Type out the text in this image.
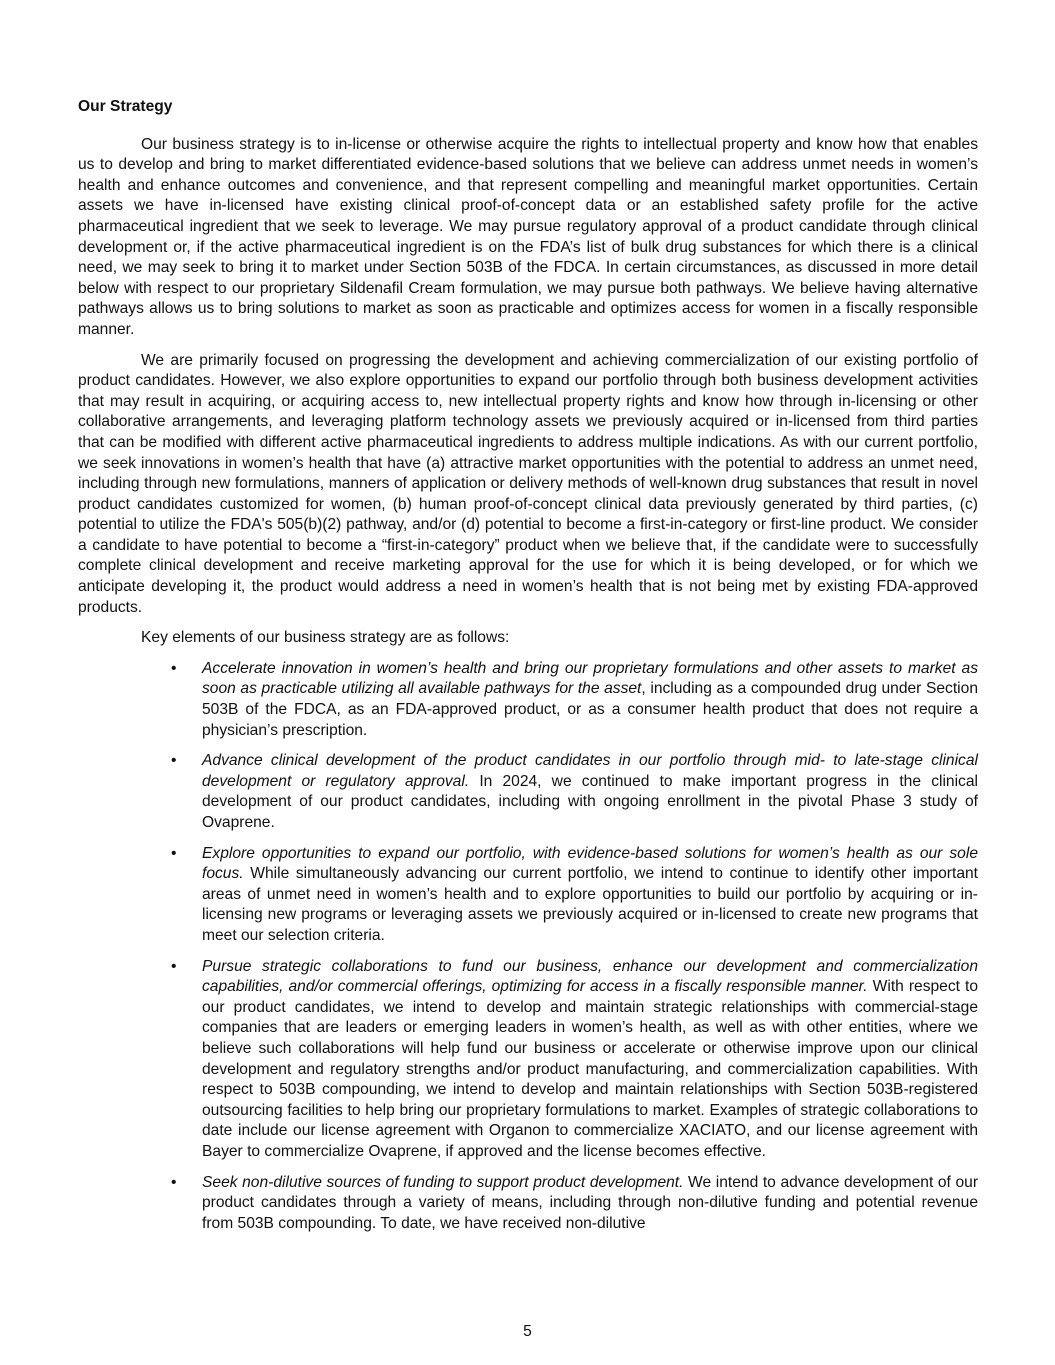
Our Strategy

Our business strategy is to in-license or otherwise acquire the rights to intellectual property and know how that enables us to develop and bring to market differentiated evidence-based solutions that we believe can address unmet needs in women’s health and enhance outcomes and convenience, and that represent compelling and meaningful market opportunities. Certain assets we have in-licensed have existing clinical proof-of-concept data or an established safety profile for the active pharmaceutical ingredient that we seek to leverage. We may pursue regulatory approval of a product candidate through clinical development or, if the active pharmaceutical ingredient is on the FDA’s list of bulk drug substances for which there is a clinical need, we may seek to bring it to market under Section 503B of the FDCA. In certain circumstances, as discussed in more detail below with respect to our proprietary Sildenafil Cream formulation, we may pursue both pathways. We believe having alternative pathways allows us to bring solutions to market as soon as practicable and optimizes access for women in a fiscally responsible manner.

We are primarily focused on progressing the development and achieving commercialization of our existing portfolio of product candidates. However, we also explore opportunities to expand our portfolio through both business development activities that may result in acquiring, or acquiring access to, new intellectual property rights and know how through in-licensing or other collaborative arrangements, and leveraging platform technology assets we previously acquired or in-licensed from third parties that can be modified with different active pharmaceutical ingredients to address multiple indications. As with our current portfolio, we seek innovations in women’s health that have (a) attractive market opportunities with the potential to address an unmet need, including through new formulations, manners of application or delivery methods of well-known drug substances that result in novel product candidates customized for women, (b) human proof-of-concept clinical data previously generated by third parties, (c) potential to utilize the FDA's 505(b)(2) pathway, and/or (d) potential to become a first-in-category or first-line product. We consider a candidate to have potential to become a “first-in-category” product when we believe that, if the candidate were to successfully complete clinical development and receive marketing approval for the use for which it is being developed, or for which we anticipate developing it, the product would address a need in women’s health that is not being met by existing FDA-approved products.

Key elements of our business strategy are as follows:

• Accelerate innovation in women’s health and bring our proprietary formulations and other assets to market as soon as practicable utilizing all available pathways for the asset, including as a compounded drug under Section 503B of the FDCA, as an FDA-approved product, or as a consumer health product that does not require a physician’s prescription.
• Advance clinical development of the product candidates in our portfolio through mid- to late-stage clinical development or regulatory approval. In 2024, we continued to make important progress in the clinical development of our product candidates, including with ongoing enrollment in the pivotal Phase 3 study of Ovaprene.
• Explore opportunities to expand our portfolio, with evidence-based solutions for women’s health as our sole focus. While simultaneously advancing our current portfolio, we intend to continue to identify other important areas of unmet need in women’s health and to explore opportunities to build our portfolio by acquiring or in-licensing new programs or leveraging assets we previously acquired or in-licensed to create new programs that meet our selection criteria.
• Pursue strategic collaborations to fund our business, enhance our development and commercialization capabilities, and/or commercial offerings, optimizing for access in a fiscally responsible manner. With respect to our product candidates, we intend to develop and maintain strategic relationships with commercial-stage companies that are leaders or emerging leaders in women’s health, as well as with other entities, where we believe such collaborations will help fund our business or accelerate or otherwise improve upon our clinical development and regulatory strengths and/or product manufacturing, and commercialization capabilities. With respect to 503B compounding, we intend to develop and maintain relationships with Section 503B-registered outsourcing facilities to help bring our proprietary formulations to market. Examples of strategic collaborations to date include our license agreement with Organon to commercialize XACIATO, and our license agreement with Bayer to commercialize Ovaprene, if approved and the license becomes effective.
• Seek non-dilutive sources of funding to support product development. We intend to advance development of our product candidates through a variety of means, including through non-dilutive funding and potential revenue from 503B compounding. To date, we have received non-dilutive
5
